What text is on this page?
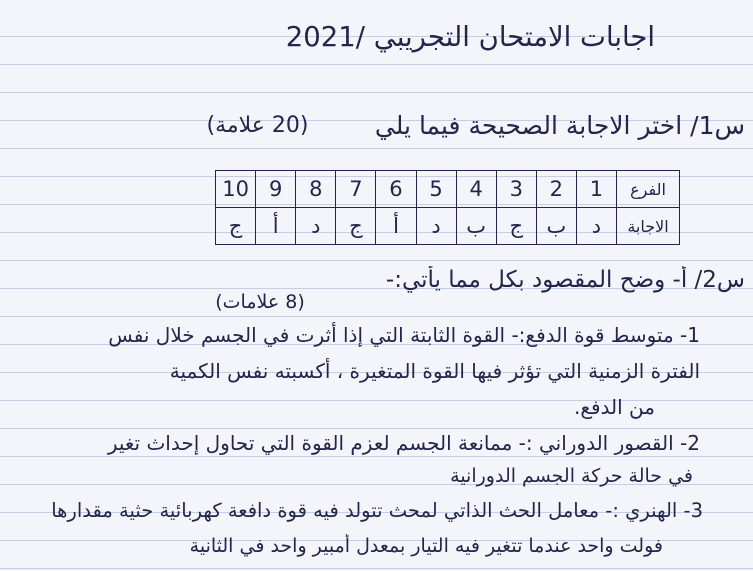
اجابات الامتحان التجريبي /2021
س1/ اختر الاجابة الصحيحة فيما يلي
(20 علامة)
الفرع	1	2	3	4	5	6	7	8	9	10
الاجابة	د	ب	ج	ب	د	أ	ج	د	أ	ج
س2/ أ- وضح المقصود بكل مما يأتي:-
(8 علامات)
1- متوسط قوة الدفع:- القوة الثابتة التي إذا أثرت في الجسم خلال نفس
الفترة الزمنية التي تؤثر فيها القوة المتغيرة ، أكسبته نفس الكمية
من الدفع.
2- القصور الدوراني :- ممانعة الجسم لعزم القوة التي تحاول إحداث تغير
في حالة حركة الجسم الدورانية
3- الهنري :- معامل الحث الذاتي لمحث تتولد فيه قوة دافعة كهربائية حثية مقدارها
فولت واحد عندما تتغير فيه التيار بمعدل أمبير واحد في الثانية
